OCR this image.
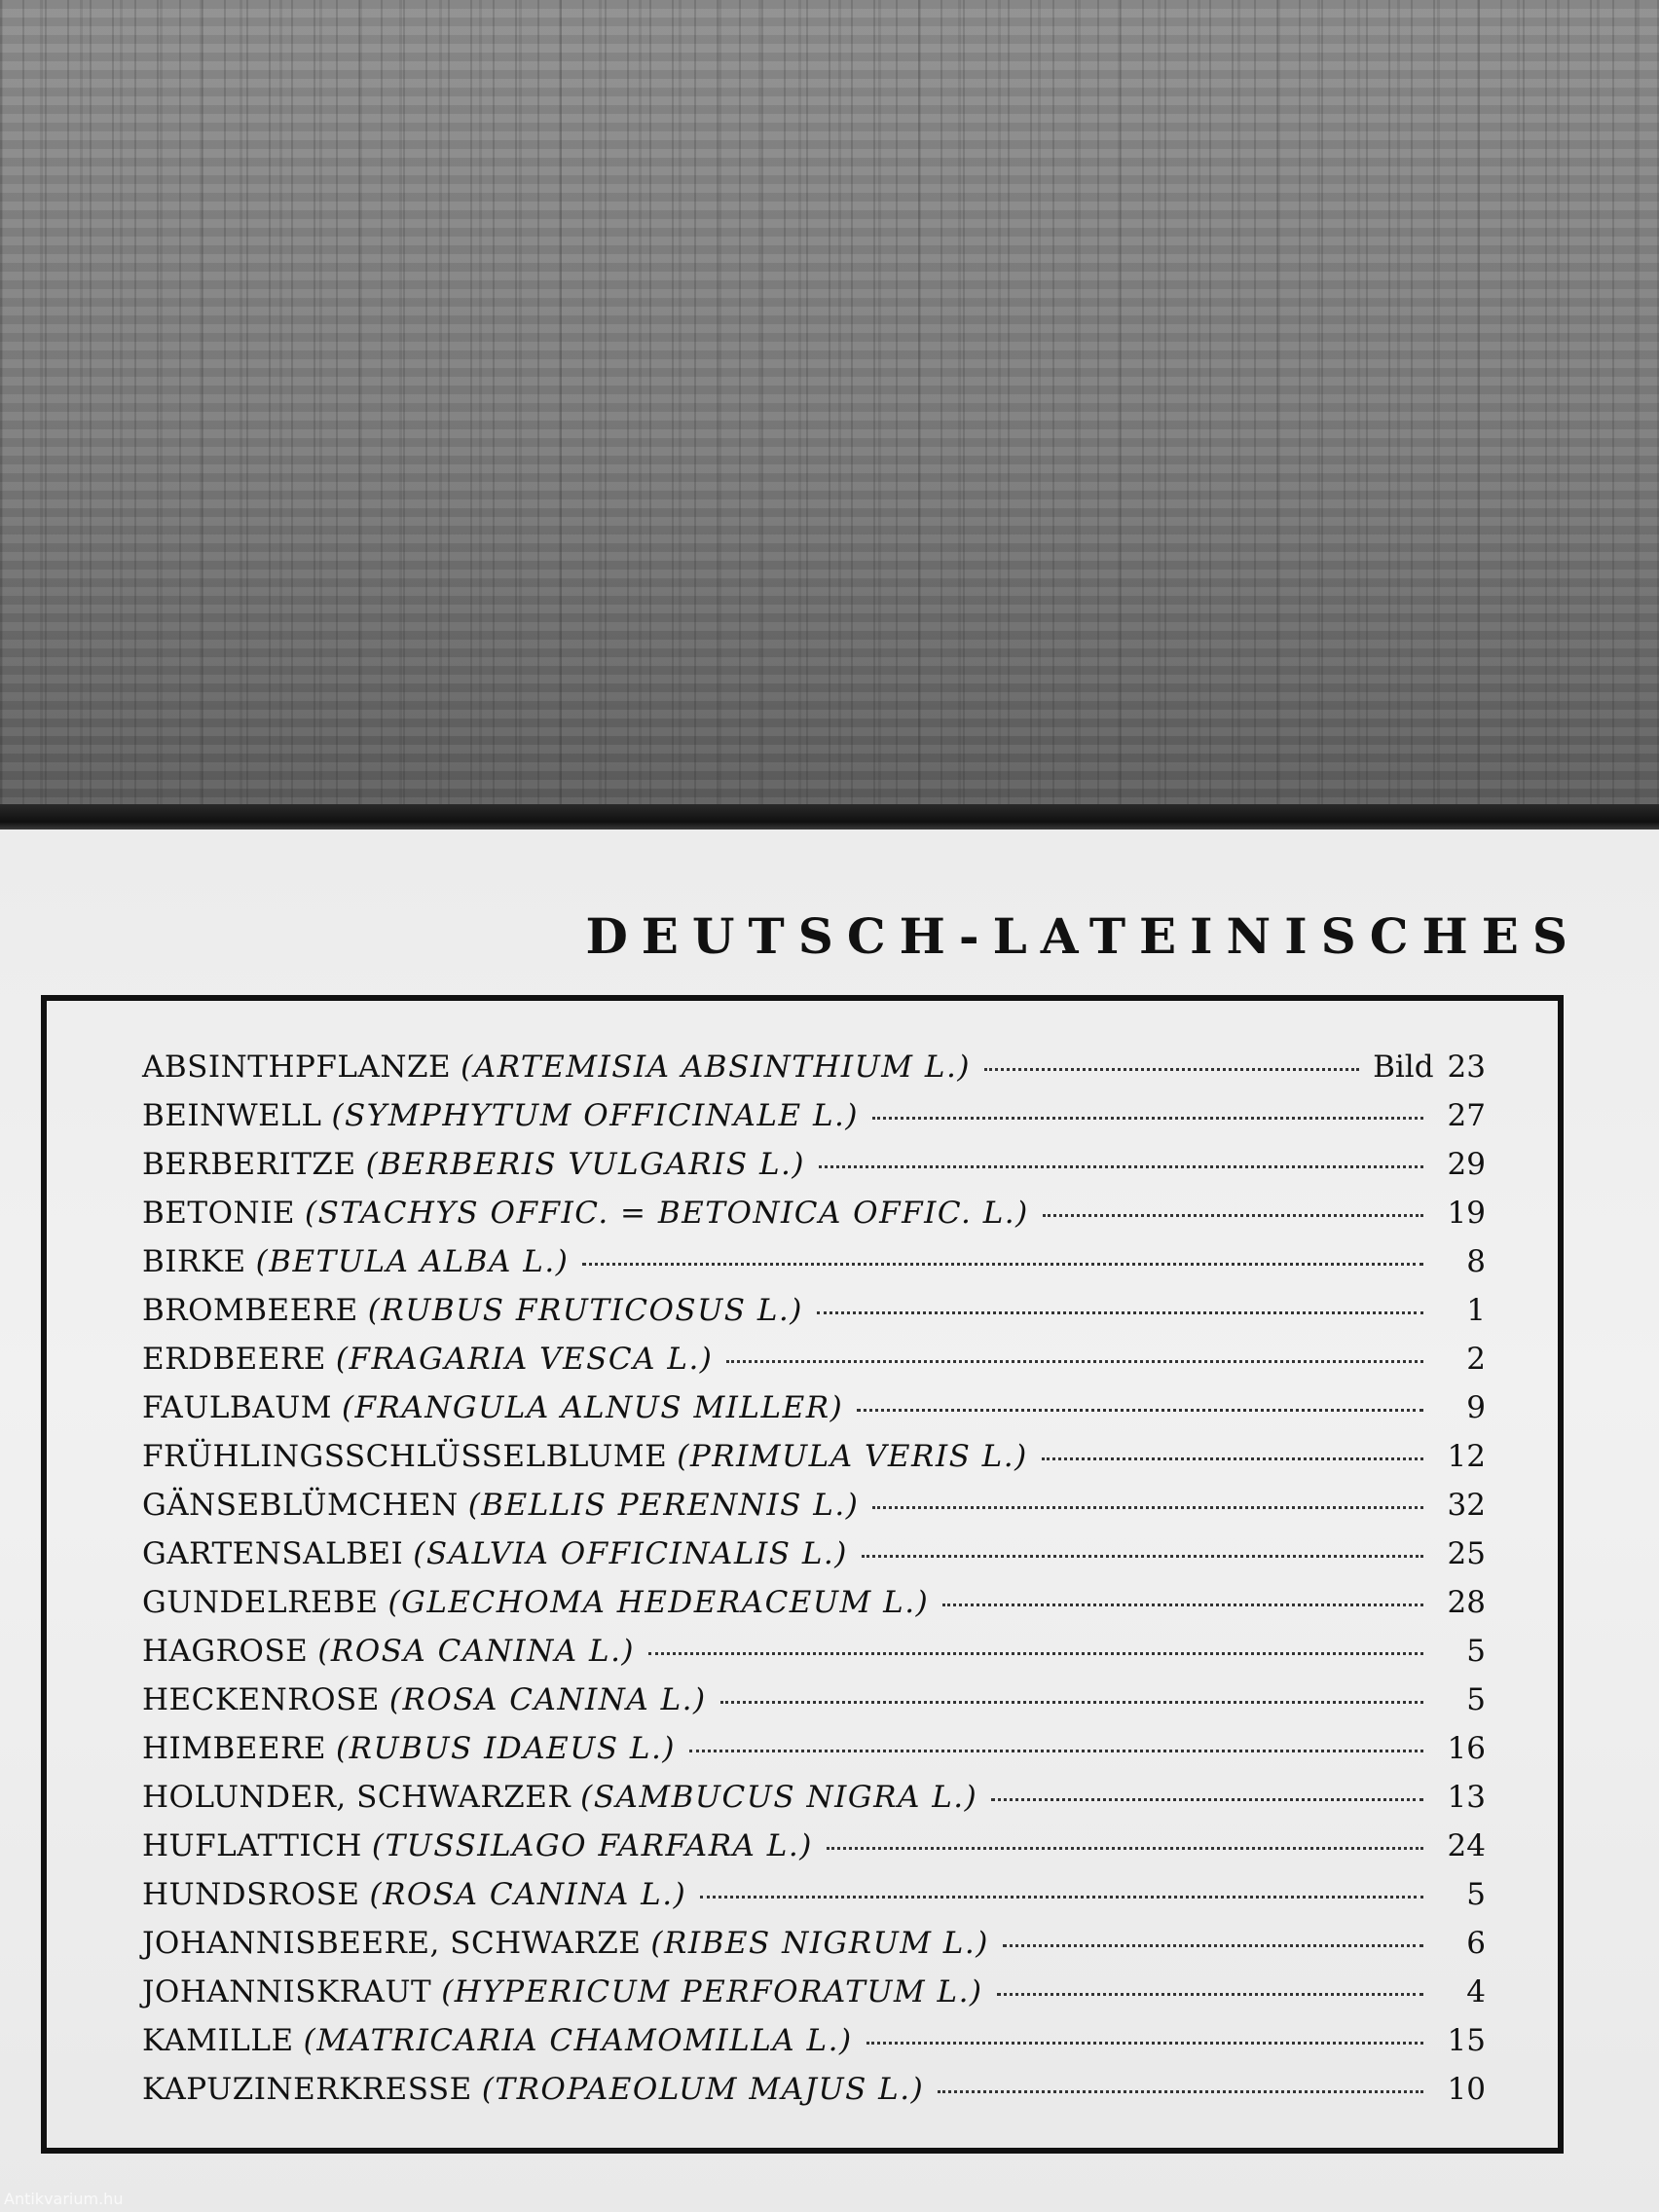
DEUTSCH-LATEINISCHES
ABSINTHPFLANZE (ARTEMISIA ABSINTHIUM L.)	Bild 23
BEINWELL (SYMPHYTUM OFFICINALE L.)	27
BERBERITZE (BERBERIS VULGARIS L.)	29
BETONIE (STACHYS OFFIC. = BETONICA OFFIC. L.)	19
BIRKE (BETULA ALBA L.)	8
BROMBEERE (RUBUS FRUTICOSUS L.)	1
ERDBEERE (FRAGARIA VESCA L.)	2
FAULBAUM (FRANGULA ALNUS MILLER)	9
FRÜHLINGSSCHLÜSSELBLUME (PRIMULA VERIS L.)	12
GÄNSEBLÜMCHEN (BELLIS PERENNIS L.)	32
GARTENSALBEI (SALVIA OFFICINALIS L.)	25
GUNDELREBE (GLECHOMA HEDERACEUM L.)	28
HAGROSE (ROSA CANINA L.)	5
HECKENROSE (ROSA CANINA L.)	5
HIMBEERE (RUBUS IDAEUS L.)	16
HOLUNDER, SCHWARZER (SAMBUCUS NIGRA L.)	13
HUFLATTICH (TUSSILAGO FARFARA L.)	24
HUNDSROSE (ROSA CANINA L.)	5
JOHANNISBEERE, SCHWARZE (RIBES NIGRUM L.)	6
JOHANNISKRAUT (HYPERICUM PERFORATUM L.)	4
KAMILLE (MATRICARIA CHAMOMILLA L.)	15
KAPUZINERKRESSE (TROPAEOLUM MAJUS L.)	10
Antikvarium.hu
